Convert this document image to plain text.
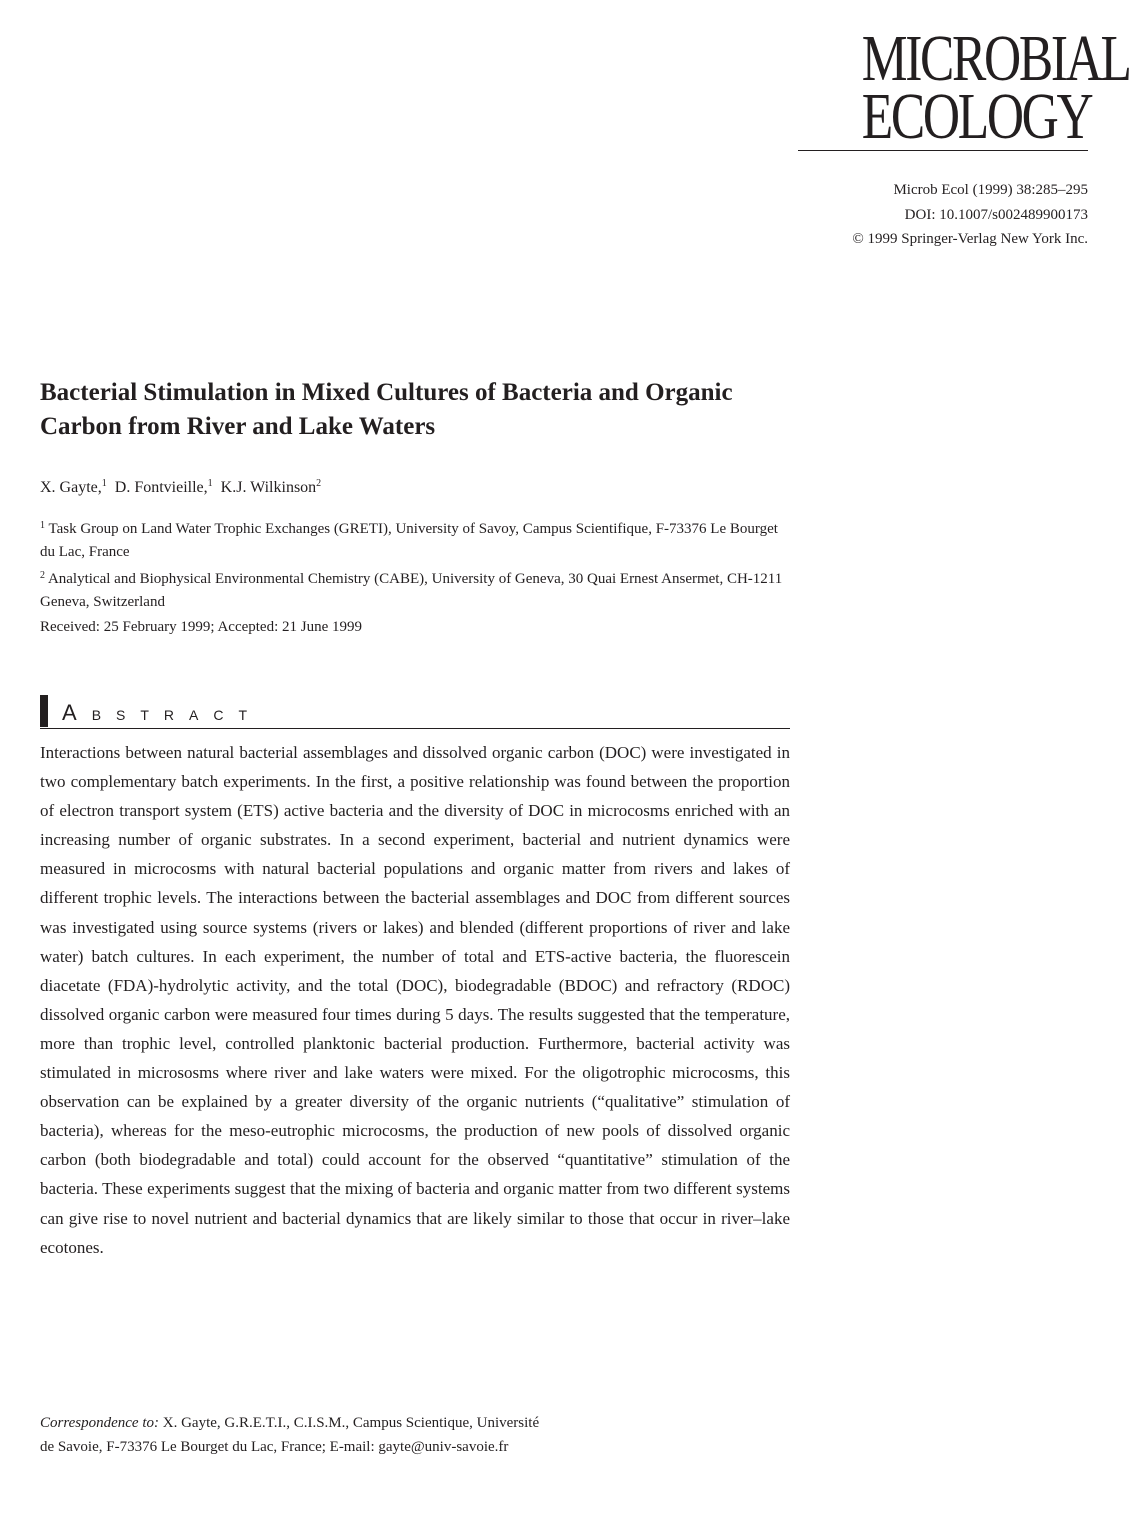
MICROBIAL
ECOLOGY
Microb Ecol (1999) 38:285–295
DOI: 10.1007/s002489900173
© 1999 Springer-Verlag New York Inc.
Bacterial Stimulation in Mixed Cultures of Bacteria and Organic Carbon from River and Lake Waters
X. Gayte,$^1$ D. Fontvieille,$^1$ K.J. Wilkinson$^2$
$^1$ Task Group on Land Water Trophic Exchanges (GRETI), University of Savoy, Campus Scientifique, F-73376 Le Bourget du Lac, France
$^2$ Analytical and Biophysical Environmental Chemistry (CABE), University of Geneva, 30 Quai Ernest Ansermet, CH-1211 Geneva, Switzerland
Received: 25 February 1999; Accepted: 21 June 1999
ABSTRACT

Interactions between natural bacterial assemblages and dissolved organic carbon (DOC) were investigated in two complementary batch experiments. In the first, a positive relationship was found between the proportion of electron transport system (ETS) active bacteria and the diversity of DOC in microcosms enriched with an increasing number of organic substrates. In a second experiment, bacterial and nutrient dynamics were measured in microcosms with natural bacterial populations and organic matter from rivers and lakes of different trophic levels. The interactions between the bacterial assemblages and DOC from different sources was investigated using source systems (rivers or lakes) and blended (different proportions of river and lake water) batch cultures. In each experiment, the number of total and ETS-active bacteria, the fluorescein diacetate (FDA)-hydrolytic activity, and the total (DOC), biodegradable (BDOC) and refractory (RDOC) dissolved organic carbon were measured four times during 5 days. The results suggested that the temperature, more than trophic level, controlled planktonic bacterial production. Furthermore, bacterial activity was stimulated in micrososms where river and lake waters were mixed. For the oligotrophic microcosms, this observation can be explained by a greater diversity of the organic nutrients (“qualitative” stimulation of bacteria), whereas for the meso-eutrophic microcosms, the production of new pools of dissolved organic carbon (both biodegradable and total) could account for the observed “quantitative” stimulation of the bacteria. These experiments suggest that the mixing of bacteria and organic matter from two different systems can give rise to novel nutrient and bacterial dynamics that are likely similar to those that occur in river–lake ecotones.

Correspondence to: X. Gayte, G.R.E.T.I., C.I.S.M., Campus Scientique, Université de Savoie, F-73376 Le Bourget du Lac, France; E-mail: gayte@univ-savoie.fr
